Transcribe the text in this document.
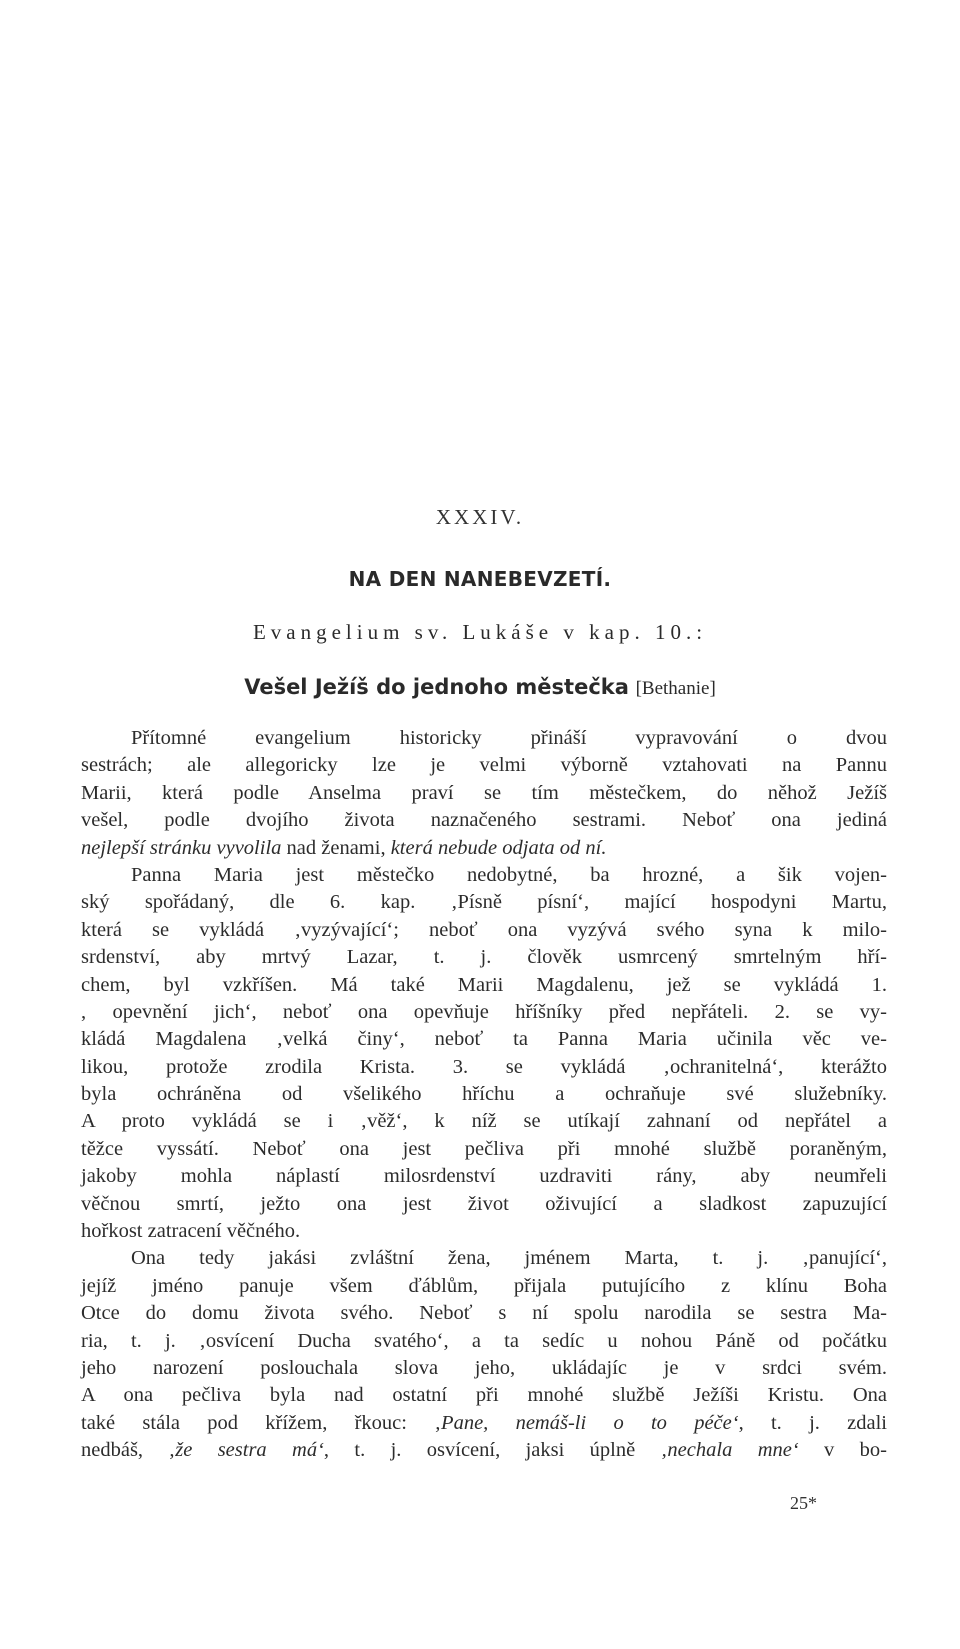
XXXIV.
NA DEN NANEBEVZETÍ.
Evangelium sv. Lukáše v kap. 10.:
Vešel Ježíš do jednoho městečka [Bethanie]
Přítomné evangelium historicky přináší vypravování o dvou
sestrách; ale allegoricky lze je velmi výborně vztahovati na Pannu
Marii, která podle Anselma praví se tím městečkem, do něhož Ježíš
vešel, podle dvojího života naznačeného sestrami. Neboť ona jediná
nejlepší stránku vyvolila nad ženami, která nebude odjata od ní.
Panna Maria jest městečko nedobytné, ba hrozné, a šik vojen-
ský spořádaný, dle 6. kap. ‚Písně písní‘, mající hospodyni Martu,
která se vykládá ‚vyzývající‘; neboť ona vyzývá svého syna k milo-
srdenství, aby mrtvý Lazar, t. j. člověk usmrcený smrtelným hří-
chem, byl vzkříšen. Má také Marii Magdalenu, jež se vykládá 1.
, opevnění jich‘, neboť ona opevňuje hříšníky před nepřáteli. 2. se vy-
kládá Magdalena ‚velká činy‘, neboť ta Panna Maria učinila věc ve-
likou, protože zrodila Krista. 3. se vykládá ‚ochranitelná‘, kterážto
byla ochráněna od všelikého hříchu a ochraňuje své služebníky.
A proto vykládá se i ‚věž‘, k níž se utíkají zahnaní od nepřátel a
těžce vyssátí. Neboť ona jest pečliva při mnohé službě poraněným,
jakoby mohla náplastí milosrdenství uzdraviti rány, aby neumřeli
věčnou smrtí, ježto ona jest život oživující a sladkost zapuzující
hořkost zatracení věčného.
Ona tedy jakási zvláštní žena, jménem Marta, t. j. ‚panující‘,
jejíž jméno panuje všem ďáblům, přijala putujícího z klínu Boha
Otce do domu života svého. Neboť s ní spolu narodila se sestra Ma-
ria, t. j. ‚osvícení Ducha svatého‘, a ta sedíc u nohou Páně od počátku
jeho narození poslouchala slova jeho, ukládajíc je v srdci svém.
A ona pečliva byla nad ostatní při mnohé službě Ježíši Kristu. Ona
také stála pod křížem, řkouc: ‚Pane, nemáš-li o to péče‘, t. j. zdali
nedbáš, ‚že sestra má‘, t. j. osvícení, jaksi úplně ‚nechala mne‘ v bo-
25*
